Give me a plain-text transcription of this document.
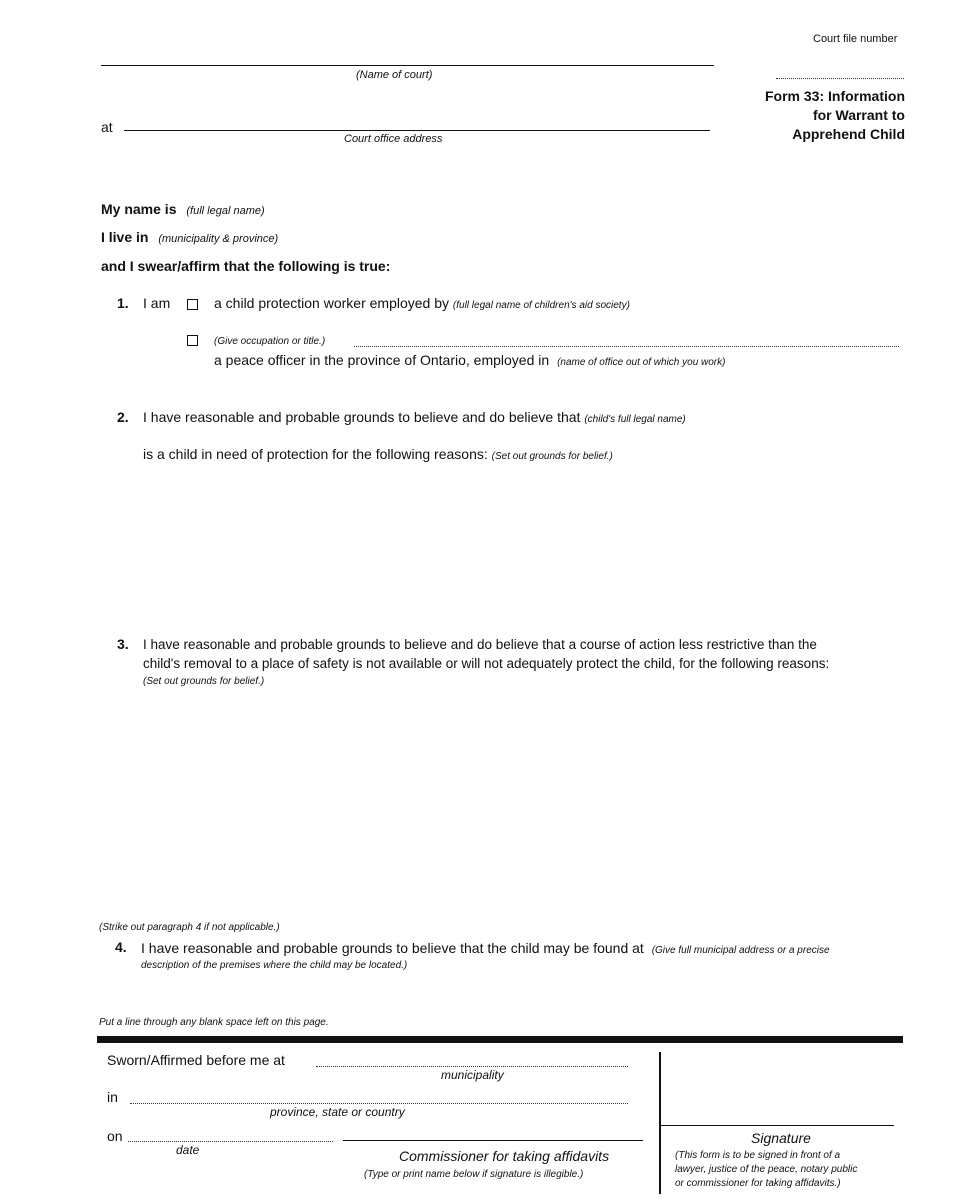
Court file number
(Name of court)
Form 33: Information
for Warrant to
Apprehend Child
at
Court office address
My name is (full legal name)
I live in (municipality & province)
and I swear/affirm that the following is true:
1. I am	a child protection worker employed by (full legal name of children's aid society)
(Give occupation or title.)
a peace officer in the province of Ontario, employed in (name of office out of which you work)
2. I have reasonable and probable grounds to believe and do believe that (child's full legal name)
is a child in need of protection for the following reasons: (Set out grounds for belief.)
3. I have reasonable and probable grounds to believe and do believe that a course of action less restrictive than the
child's removal to a place of safety is not available or will not adequately protect the child, for the following reasons:
(Set out grounds for belief.)
(Strike out paragraph 4 if not applicable.)
4. I have reasonable and probable grounds to believe that the child may be found at (Give full municipal address or a precise
description of the premises where the child may be located.)
Put a line through any blank space left on this page.
Sworn/Affirmed before me at
municipality
in
province, state or country
on
date	Commissioner for taking affidavits
(Type or print name below if signature is illegible.)
Signature
(This form is to be signed in front of a
lawyer, justice of the peace, notary public
or commissioner for taking affidavits.)
